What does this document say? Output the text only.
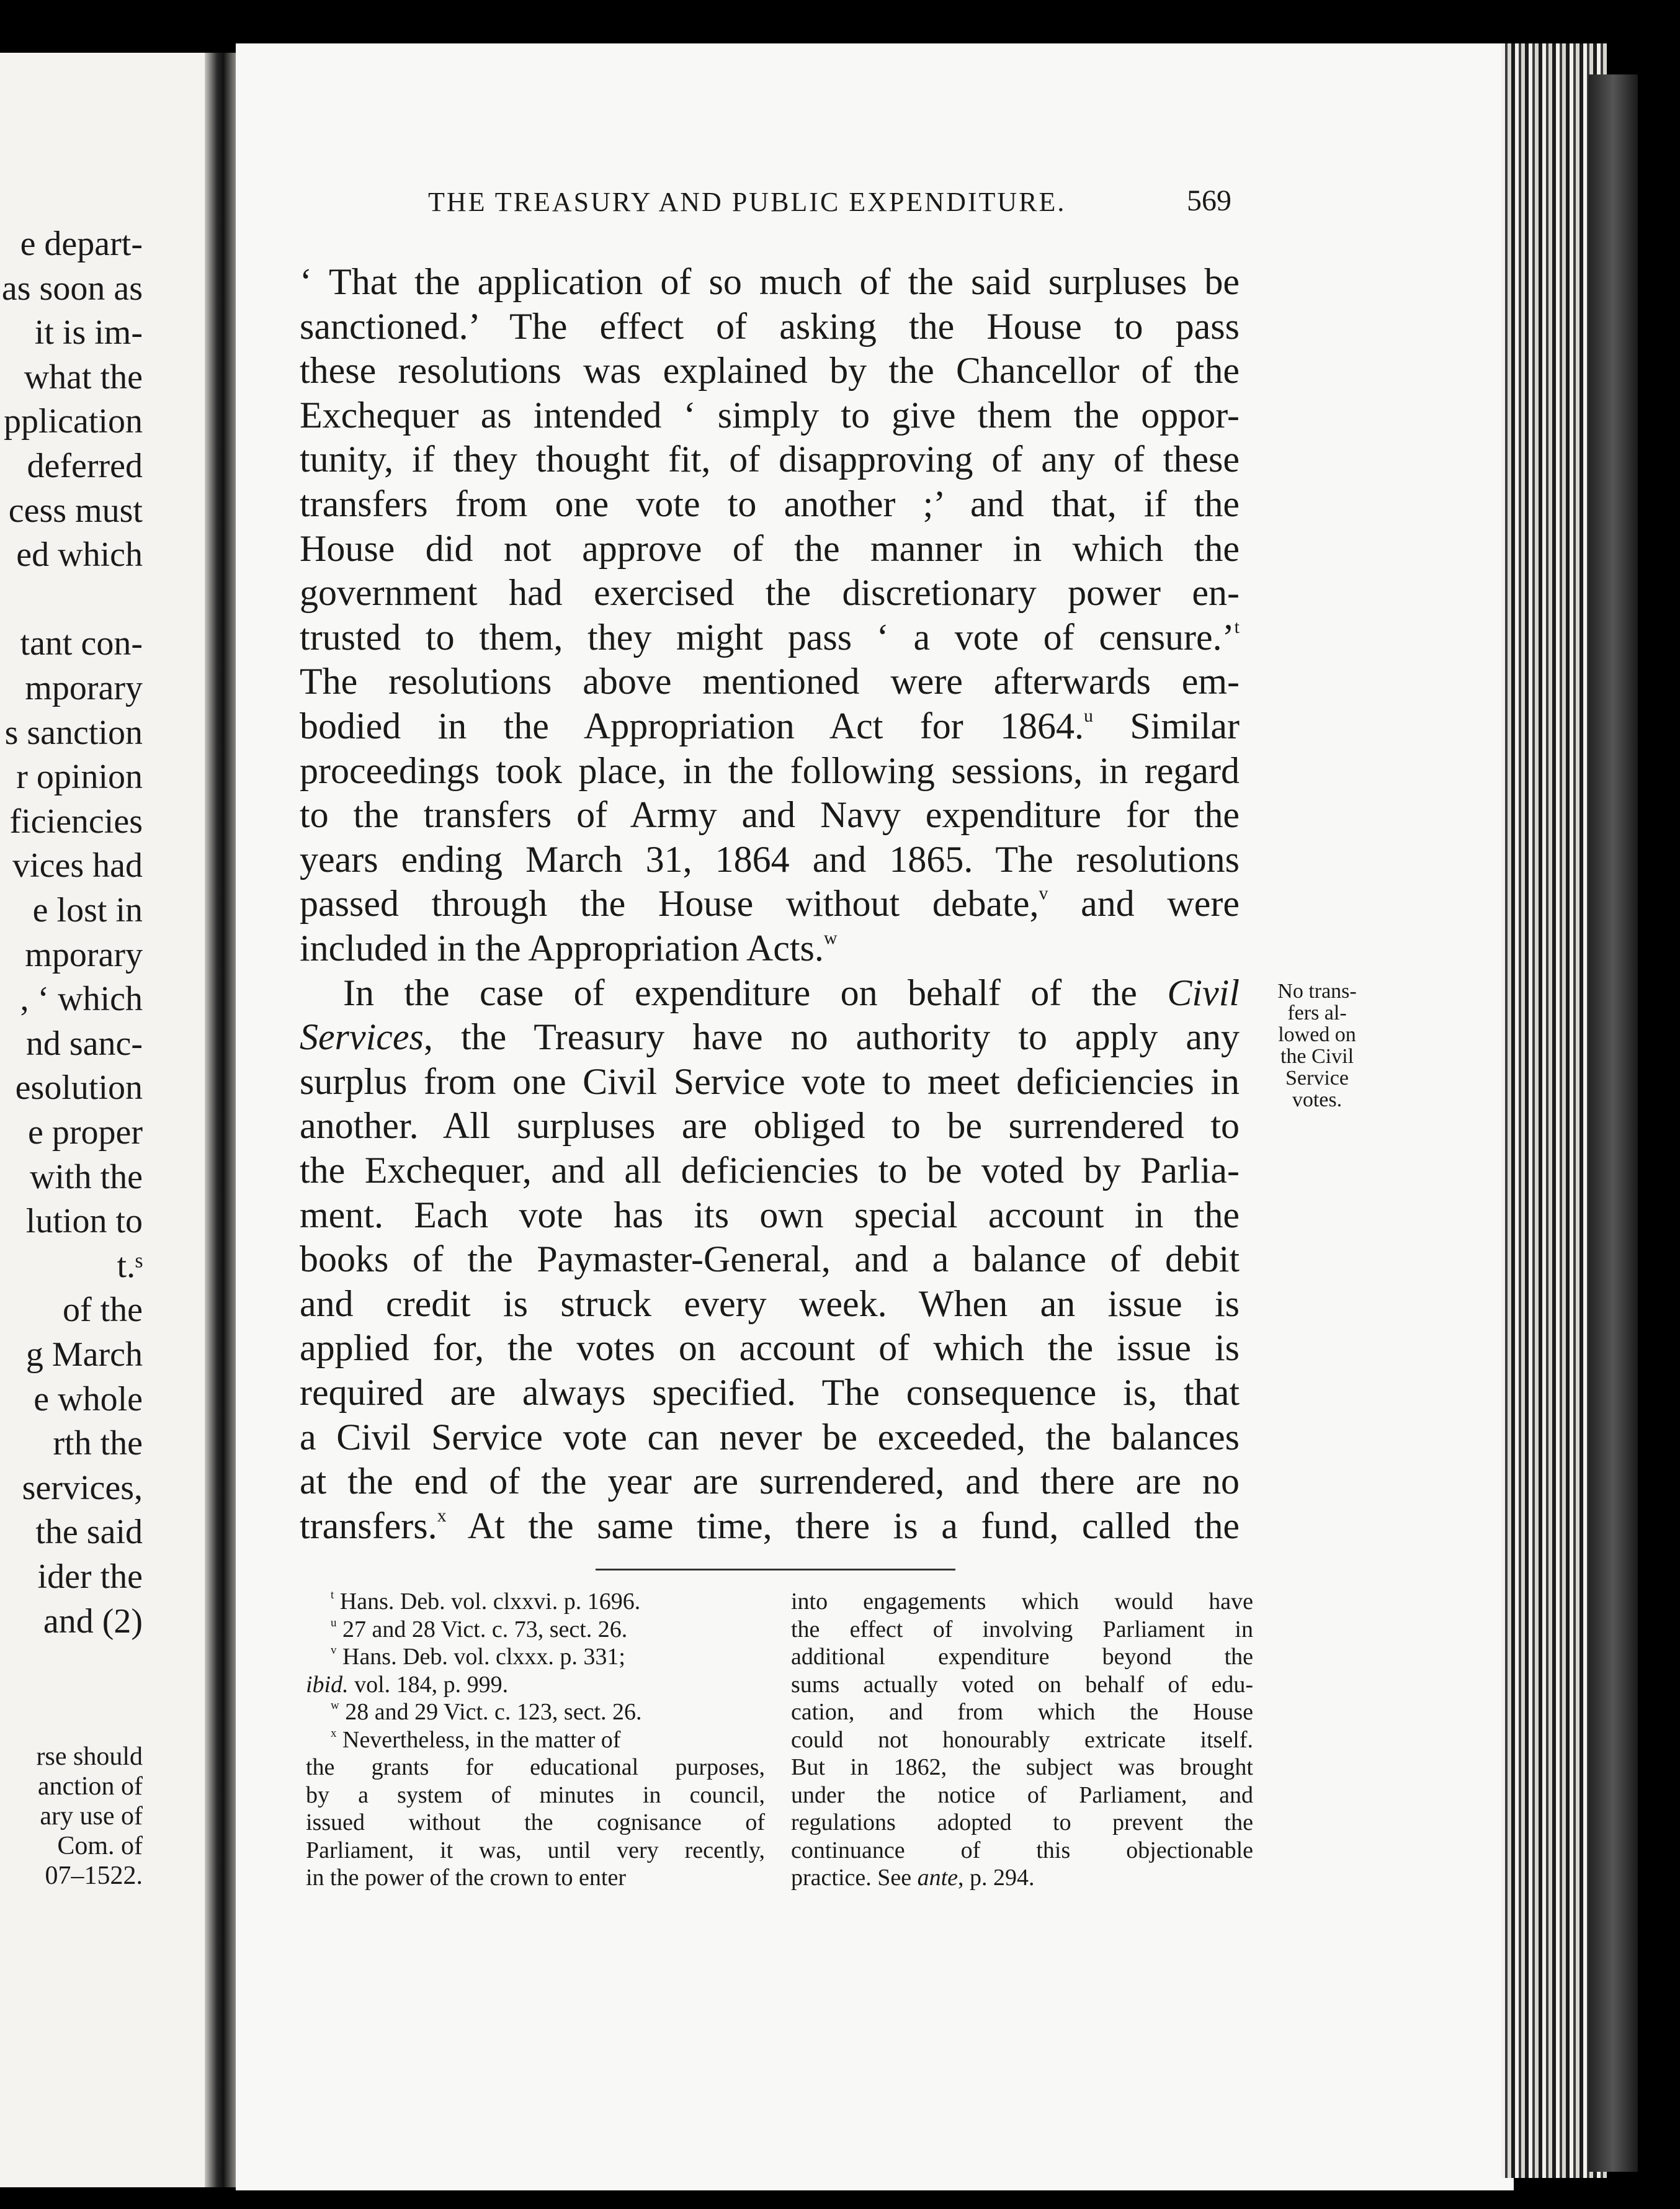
e depart-
as soon as
it is im-
what the
pplication
deferred
cess must
ed which
tant con-
mporary
s sanction
r opinion
ficiencies
vices had
e lost in
mporary
, ‘ which
nd sanc-
esolution
e proper
with the
lution to
t.ˢ
of the
g March
e whole
rth the
services,
the said
ider the
and (2)
rse should
anction of
ary use of
Com. of
07–1522.
THE TREASURY AND PUBLIC EXPENDITURE.	569
‘ That the application of so much of the said surpluses be
sanctioned.’ The effect of asking the House to pass
these resolutions was explained by the Chancellor of the
Exchequer as intended ‘ simply to give them the oppor-
tunity, if they thought fit, of disapproving of any of these
transfers from one vote to another ;’ and that, if the
House did not approve of the manner in which the
government had exercised the discretionary power en-
trusted to them, they might pass ‘ a vote of censure.’$^t$
The resolutions above mentioned were afterwards em-
bodied in the Appropriation Act for 1864.$^u$ Similar
proceedings took place, in the following sessions, in regard
to the transfers of Army and Navy expenditure for the
years ending March 31, 1864 and 1865. The resolutions
passed through the House without debate,$^v$ and were
included in the Appropriation Acts.$^w$
In the case of expenditure on behalf of the Civil
Services, the Treasury have no authority to apply any
surplus from one Civil Service vote to meet deficiencies in
another. All surpluses are obliged to be surrendered to
the Exchequer, and all deficiencies to be voted by Parlia-
ment. Each vote has its own special account in the
books of the Paymaster-General, and a balance of debit
and credit is struck every week. When an issue is
applied for, the votes on account of which the issue is
required are always specified. The consequence is, that
a Civil Service vote can never be exceeded, the balances
at the end of the year are surrendered, and there are no
transfers.$^x$ At the same time, there is a fund, called the
No trans-
fers al-
lowed on
the Civil
Service
votes.
$^t$ Hans. Deb. vol. clxxvi. p. 1696.
$^u$ 27 and 28 Vict. c. 73, sect. 26.
$^v$ Hans. Deb. vol. clxxx. p. 331;
ibid. vol. 184, p. 999.
$^w$ 28 and 29 Vict. c. 123, sect. 26.
$^x$ Nevertheless, in the matter of
the grants for educational purposes,
by a system of minutes in council,
issued without the cognisance of
Parliament, it was, until very recently,
in the power of the crown to enter
into engagements which would have
the effect of involving Parliament in
additional expenditure beyond the
sums actually voted on behalf of edu-
cation, and from which the House
could not honourably extricate itself.
But in 1862, the subject was brought
under the notice of Parliament, and
regulations adopted to prevent the
continuance of this objectionable
practice. See ante, p. 294.
